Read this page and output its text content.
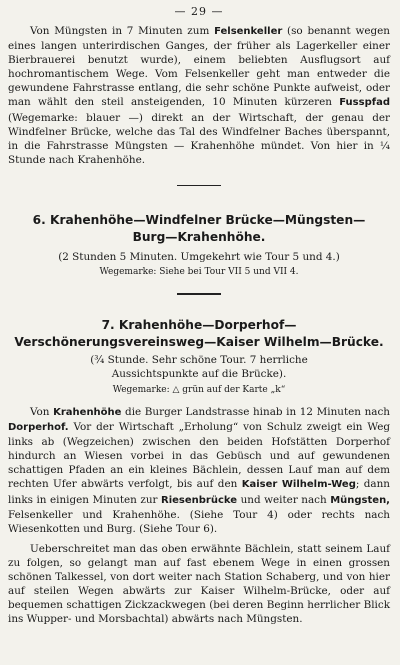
— 29 —

Von Müngsten in 7 Minuten zum Felsenkeller (so benannt wegen eines langen unterirdischen Ganges, der früher als Lagerkeller einer Bierbrauerei benutzt wurde), einem beliebten Ausflugsort auf hochromantischem Wege. Vom Felsenkeller geht man entweder die gewundene Fahrstrasse entlang, die sehr schöne Punkte aufweist, oder man wählt den steil ansteigenden, 10 Minuten kürzeren Fusspfad (Wegemarke: blauer —) direkt an der Wirtschaft, der genau der Windfelner Brücke, welche das Tal des Windfelner Baches überspannt, in die Fahrstrasse Müngsten — Krahenhöhe mündet. Von hier in ¼ Stunde nach Krahenhöhe.

6. Krahenhöhe—Windfelner Brücke—Müngsten—Burg—Krahenhöhe.
(2 Stunden 5 Minuten. Umgekehrt wie Tour 5 und 4.)
Wegemarke: Siehe bei Tour VII 5 und VII 4.
7. Krahenhöhe—Dorperhof—Verschönerungsvereinsweg—Kaiser Wilhelm—Brücke.
(¾ Stunde. Sehr schöne Tour. 7 herrliche Aussichtspunkte auf die Brücke).
Wegemarke: △ grün auf der Karte „k“

Von Krahenhöhe die Burger Landstrasse hinab in 12 Minuten nach Dorperhof. Vor der Wirtschaft „Erholung“ von Schulz zweigt ein Weg links ab (Wegzeichen) zwischen den beiden Hofstätten Dorperhof hindurch an Wiesen vorbei in das Gebüsch und auf gewundenen schattigen Pfaden an ein kleines Bächlein, dessen Lauf man auf dem rechten Ufer abwärts verfolgt, bis auf den Kaiser Wilhelm-Weg; dann links in einigen Minuten zur Riesenbrücke und weiter nach Müngsten, Felsenkeller und Krahenhöhe. (Siehe Tour 4) oder rechts nach Wiesenkotten und Burg. (Siehe Tour 6).

Ueberschreitet man das oben erwähnte Bächlein, statt seinem Lauf zu folgen, so gelangt man auf fast ebenem Wege in einen grossen schönen Talkessel, von dort weiter nach Station Schaberg, und von hier auf steilen Wegen abwärts zur Kaiser Wilhelm-Brücke, oder auf bequemen schattigen Zickzackwegen (bei deren Beginn herrlicher Blick ins Wupper- und Morsbachtal) abwärts nach Müngsten.
